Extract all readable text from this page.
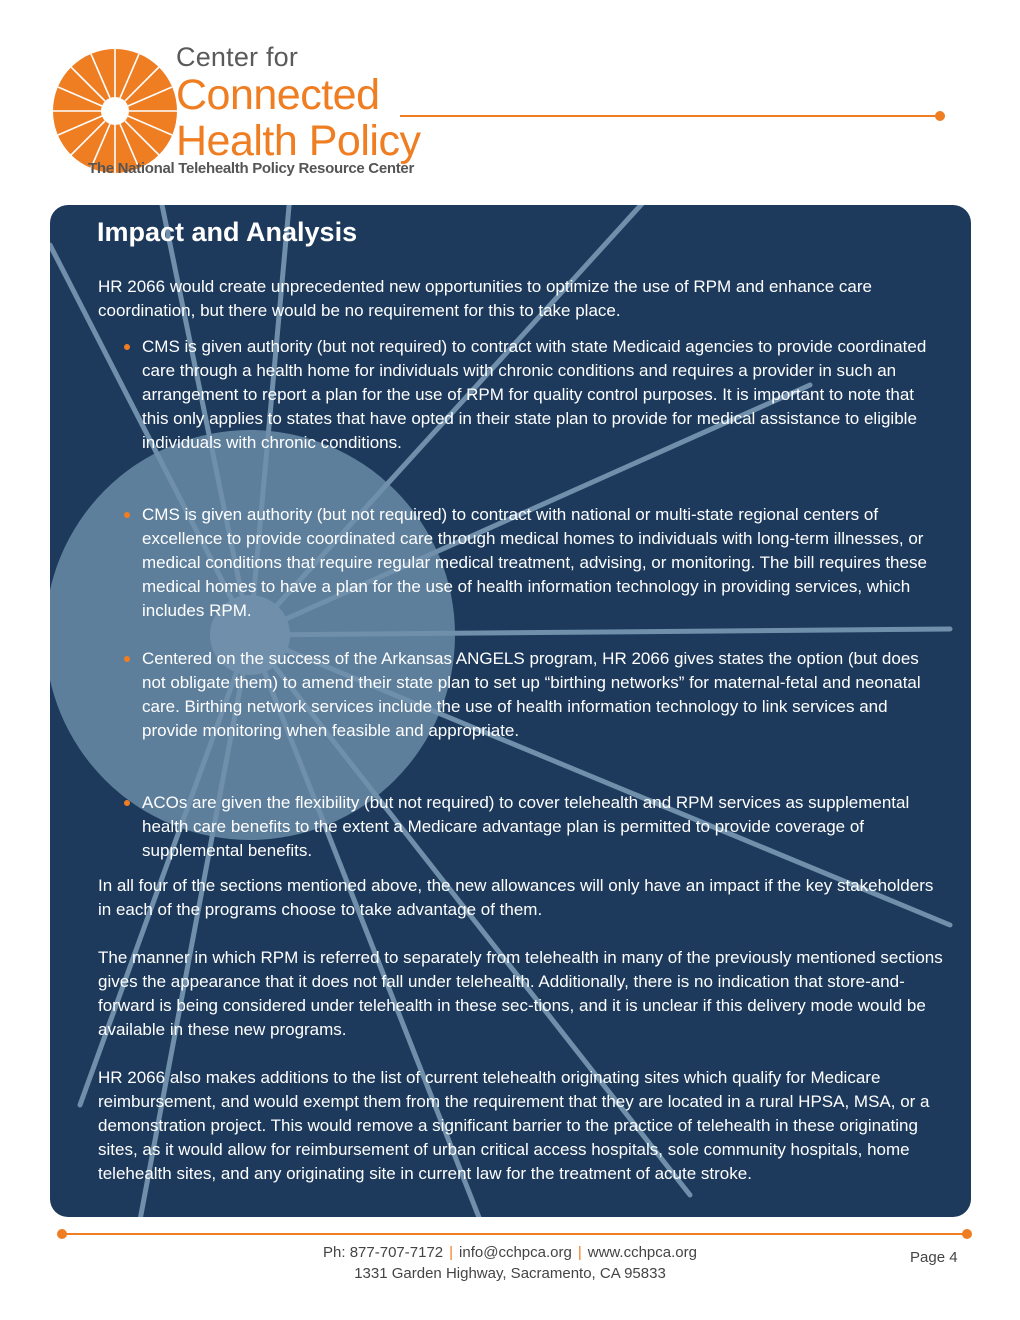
Center for
Connected
Health Policy
The National Telehealth Policy Resource Center
Impact and Analysis

HR 2066 would create unprecedented new opportunities to optimize the use of RPM and enhance care coordination, but there would be no requirement for this to take place.

CMS is given authority (but not required) to contract with state Medicaid agencies to provide coordinated care through a health home for individuals with chronic conditions and requires a provider in such an arrangement to report a plan for the use of RPM for quality control purposes. It is important to note that this only applies to states that have opted in their state plan to provide for medical assistance to eligible individuals with chronic conditions.
CMS is given authority (but not required) to contract with national or multi-state regional centers of excellence to provide coordinated care through medical homes to individuals with long-term illnesses, or medical conditions that require regular medical treatment, advising, or monitoring. The bill requires these medical homes to have a plan for the use of health information technology in providing services, which includes RPM.
Centered on the success of the Arkansas ANGELS program, HR 2066 gives states the option (but does not obligate them) to amend their state plan to set up “birthing networks” for maternal-fetal and neonatal care. Birthing network services include the use of health information technology to link services and provide monitoring when feasible and appropriate.
ACOs are given the flexibility (but not required) to cover telehealth and RPM services as supplemental health care benefits to the extent a Medicare advantage plan is permitted to provide coverage of supplemental benefits.

In all four of the sections mentioned above, the new allowances will only have an impact if the key stakeholders in each of the programs choose to take advantage of them.

The manner in which RPM is referred to separately from telehealth in many of the previously mentioned sections gives the appearance that it does not fall under telehealth. Additionally, there is no indication that store-and-forward is being considered under telehealth in these sec-tions, and it is unclear if this delivery mode would be available in these new programs.

HR 2066 also makes additions to the list of current telehealth originating sites which qualify for Medicare reimbursement, and would exempt them from the requirement that they are located in a rural HPSA, MSA, or a demonstration project. This would remove a significant barrier to the practice of telehealth in these originating sites, as it would allow for reimbursement of urban critical access hospitals, sole community hospitals, home telehealth sites, and any originating site in current law for the treatment of acute stroke.

Ph: 877-707-7172 | info@cchpca.org | www.cchpca.org
1331 Garden Highway, Sacramento, CA 95833
Page 4
